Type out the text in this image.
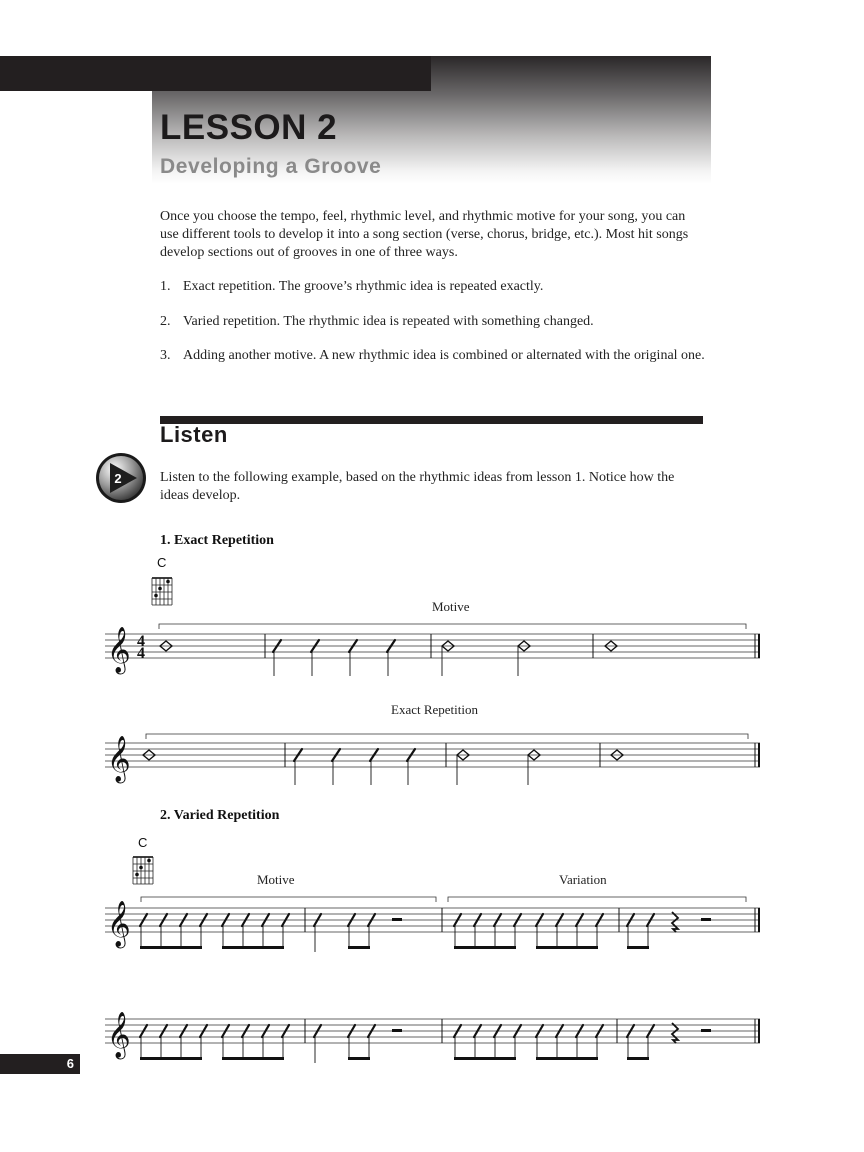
LESSON 2
Developing a Groove
Once you choose the tempo, feel, rhythmic level, and rhythmic motive for your song, you can use different tools to develop it into a song section (verse, chorus, bridge, etc.). Most hit songs develop sections out of grooves in one of three ways.
1. Exact repetition. The groove’s rhythmic idea is repeated exactly.
2. Varied repetition. The rhythmic idea is repeated with something changed.
3. Adding another motive. A new rhythmic idea is combined or alternated with the original one.
Listen
2	Listen to the following example, based on the rhythmic ideas from lesson 1. Notice how the ideas develop.
1. Exact Repetition
C
Motive
𝄞 4
4
Exact Repetition
𝄞
2. Varied Repetition
C
Motive	Variation
𝄞
𝄞
6
